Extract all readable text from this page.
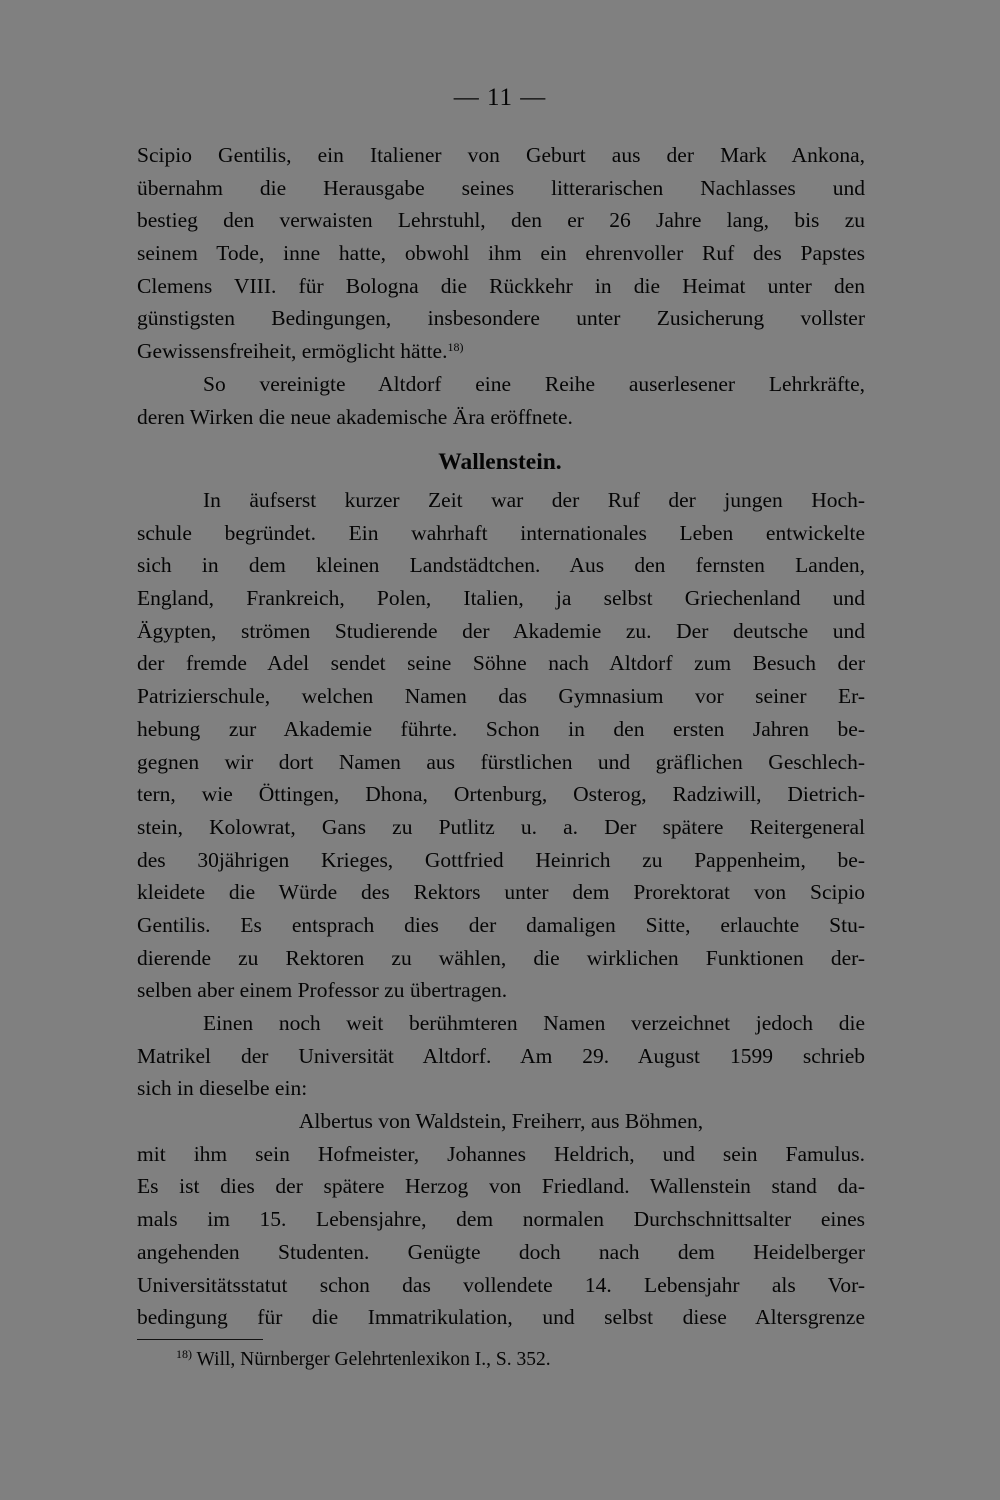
— 11 —
Scipio Gentilis, ein Italiener von Geburt aus der Mark Ankona,
übernahm die Herausgabe seines litterarischen Nachlasses und
bestieg den verwaisten Lehrstuhl, den er 26 Jahre lang, bis zu
seinem Tode, inne hatte, obwohl ihm ein ehrenvoller Ruf des Papstes
Clemens VIII. für Bologna die Rückkehr in die Heimat unter den
günstigsten Bedingungen, insbesondere unter Zusicherung vollster
Gewissensfreiheit, ermöglicht hätte.$^{18)}$
So vereinigte Altdorf eine Reihe auserlesener Lehrkräfte,
deren Wirken die neue akademische Ära eröffnete.
Wallenstein.
In äufserst kurzer Zeit war der Ruf der jungen Hoch-
schule begründet. Ein wahrhaft internationales Leben entwickelte
sich in dem kleinen Landstädtchen. Aus den fernsten Landen,
England, Frankreich, Polen, Italien, ja selbst Griechenland und
Ägypten, strömen Studierende der Akademie zu. Der deutsche und
der fremde Adel sendet seine Söhne nach Altdorf zum Besuch der
Patrizierschule, welchen Namen das Gymnasium vor seiner Er-
hebung zur Akademie führte. Schon in den ersten Jahren be-
gegnen wir dort Namen aus fürstlichen und gräflichen Geschlech-
tern, wie Öttingen, Dhona, Ortenburg, Osterog, Radziwill, Dietrich-
stein, Kolowrat, Gans zu Putlitz u. a. Der spätere Reitergeneral
des 30jährigen Krieges, Gottfried Heinrich zu Pappenheim, be-
kleidete die Würde des Rektors unter dem Prorektorat von Scipio
Gentilis. Es entsprach dies der damaligen Sitte, erlauchte Stu-
dierende zu Rektoren zu wählen, die wirklichen Funktionen der-
selben aber einem Professor zu übertragen.
Einen noch weit berühmteren Namen verzeichnet jedoch die
Matrikel der Universität Altdorf. Am 29. August 1599 schrieb
sich in dieselbe ein:
Albertus von Waldstein, Freiherr, aus Böhmen,
mit ihm sein Hofmeister, Johannes Heldrich, und sein Famulus.
Es ist dies der spätere Herzog von Friedland. Wallenstein stand da-
mals im 15. Lebensjahre, dem normalen Durchschnittsalter eines
angehenden Studenten. Genügte doch nach dem Heidelberger
Universitätsstatut schon das vollendete 14. Lebensjahr als Vor-
bedingung für die Immatrikulation, und selbst diese Altersgrenze
$^{18)}$ Will, Nürnberger Gelehrtenlexikon I., S. 352.
